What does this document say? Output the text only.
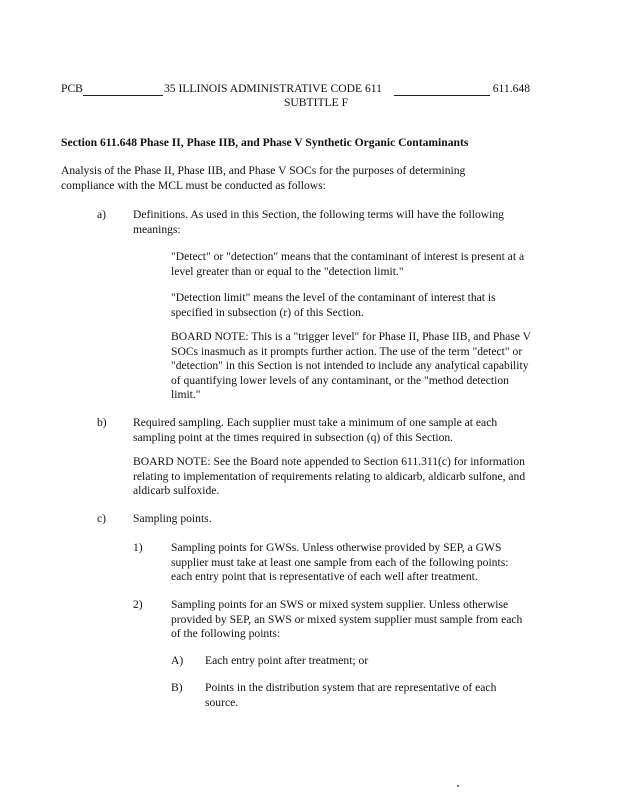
PCB	35 ILLINOIS ADMINISTRATIVE CODE 611	611.648
SUBTITLE F

Section 611.648 Phase II, Phase IIB, and Phase V Synthetic Organic Contaminants

Analysis of the Phase II, Phase IIB, and Phase V SOCs for the purposes of determining compliance with the MCL must be conducted as follows:

a) Definitions. As used in this Section, the following terms will have the following meanings:

"Detect" or "detection" means that the contaminant of interest is present at a level greater than or equal to the "detection limit."

"Detection limit" means the level of the contaminant of interest that is specified in subsection (r) of this Section.

BOARD NOTE: This is a "trigger level" for Phase II, Phase IIB, and Phase V SOCs inasmuch as it prompts further action. The use of the term "detect" or "detection" in this Section is not intended to include any analytical capability of quantifying lower levels of any contaminant, or the "method detection limit."

b) Required sampling. Each supplier must take a minimum of one sample at each sampling point at the times required in subsection (q) of this Section.

BOARD NOTE: See the Board note appended to Section 611.311(c) for information relating to implementation of requirements relating to aldicarb, aldicarb sulfone, and aldicarb sulfoxide.

c) Sampling points.

1) Sampling points for GWSs. Unless otherwise provided by SEP, a GWS supplier must take at least one sample from each of the following points: each entry point that is representative of each well after treatment.

2) Sampling points for an SWS or mixed system supplier. Unless otherwise provided by SEP, an SWS or mixed system supplier must sample from each of the following points:

A) Each entry point after treatment; or

B) Points in the distribution system that are representative of each source.
